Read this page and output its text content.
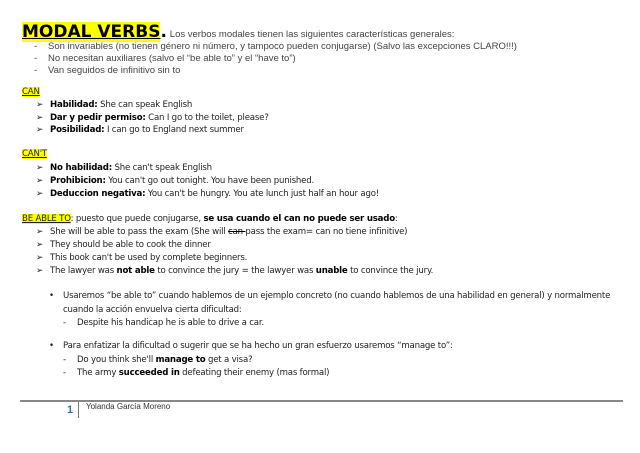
MODAL VERBS. Los verbos modales tienen las siguientes características generales:
- Son invariables (no tienen género ni número, y tampoco pueden conjugarse) (Salvo las excepciones CLARO!!!)
- No necesitan auxiliares (salvo el “be able to” y el “have to”)
- Van seguidos de infinitivo sin to
CAN
➢ Habilidad: She can speak English
➢ Dar y pedir permiso: Can I go to the toilet, please?
➢ Posibilidad: I can go to England next summer
CAN'T
➢ No habilidad: She can't speak English
➢ Prohibicion: You can't go out tonight. You have been punished.
➢ Deduccion negativa: You can't be hungry. You ate lunch just half an hour ago!
BE ABLE TO: puesto que puede conjugarse, se usa cuando el can no puede ser usado:
➢ She will be able to pass the exam (She will can pass the exam= can no tiene infinitive)
➢ They should be able to cook the dinner
➢ This book can't be used by complete beginners.
➢ The lawyer was not able to convince the jury = the lawyer was unable to convince the jury.
• Usaremos “be able to” cuando hablemos de un ejemplo concreto (no cuando hablemos de una habilidad en general) y normalmente
cuando la acción envuelva cierta dificultad:
- Despite his handicap he is able to drive a car.
• Para enfatizar la dificultad o sugerir que se ha hecho un gran esfuerzo usaremos “manage to”:
- Do you think she'll manage to get a visa?
- The army succeeded in defeating their enemy (mas formal)
1 Yolanda García Moreno
